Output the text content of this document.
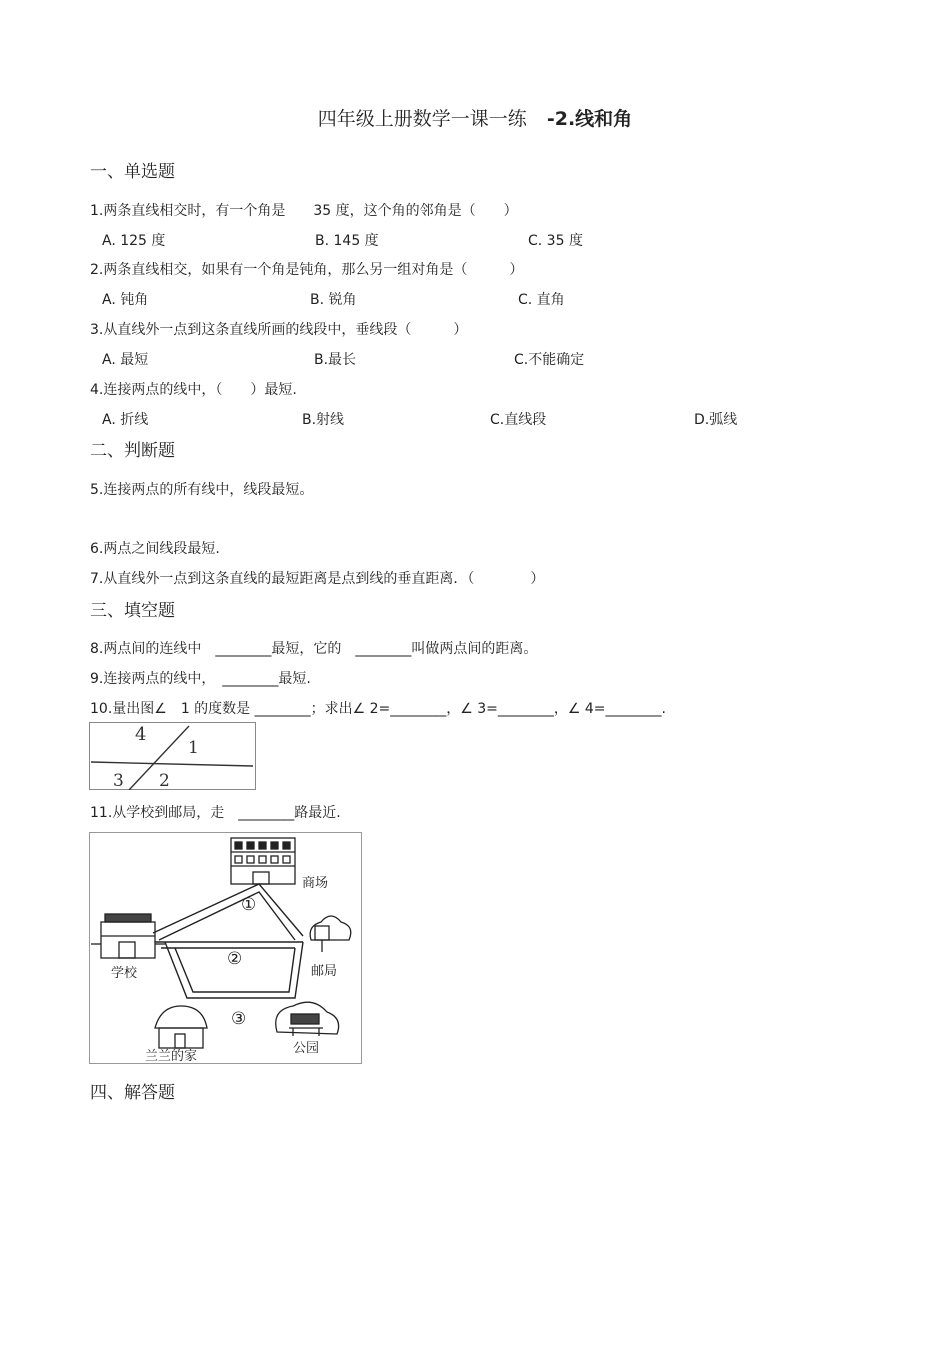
四年级上册数学一课一练 -2.线和角
一、单选题
1.两条直线相交时，有一个角是　　35 度，这个角的邻角是（　　）
A. 125 度	B. 145 度	C. 35 度
2.两条直线相交，如果有一个角是钝角，那么另一组对角是（　　　）
A. 钝角	B. 锐角	C. 直角
3.从直线外一点到这条直线所画的线段中，垂线段（　　　）
A. 最短	B.最长	C.不能确定
4.连接两点的线中，（　　）最短.
A. 折线	B.射线	C.直线段	D.弧线
二、判断题
5.连接两点的所有线中，线段最短。
6.两点之间线段最短.
7.从直线外一点到这条直线的最短距离是点到线的垂直距离．（　　　　）
三、填空题
8.两点间的连线中　________最短，它的　________叫做两点间的距离。
9.连接两点的线中，　________最短.
10.量出图∠　1 的度数是 ________；求出∠ 2=________，∠ 3=________，∠ 4=________.
4
1
3 2
11.从学校到邮局，走　________路最近.
商场
学校	邮局
①
②
③
兰兰的家
公园
四、解答题
